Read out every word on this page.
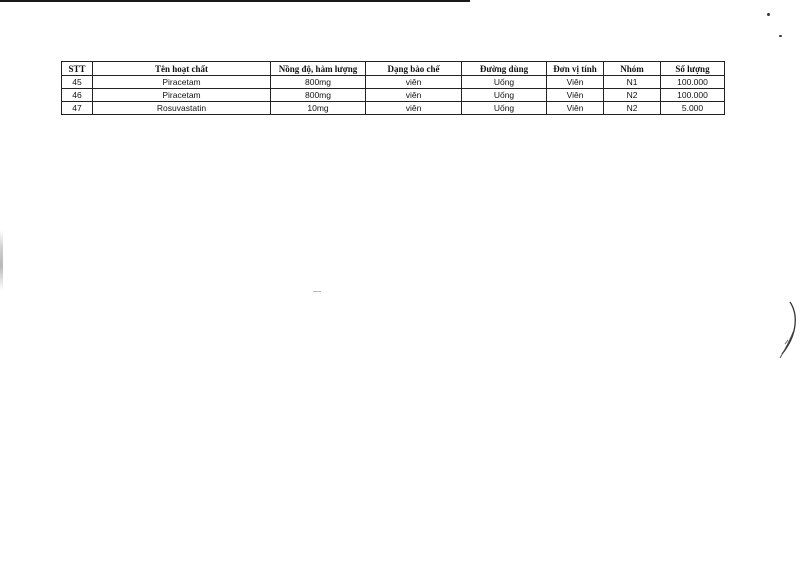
STT	Tên hoạt chất	Nồng độ, hàm lượng	Dạng bào chế	Đường dùng	Đơn vị tính	Nhóm	Số lượng
45	Piracetam	800mg	viên	Uống	Viên	N1	100.000
46	Piracetam	800mg	viên	Uống	Viên	N2	100.000
47	Rosuvastatin	10mg	viên	Uống	Viên	N2	5.000
